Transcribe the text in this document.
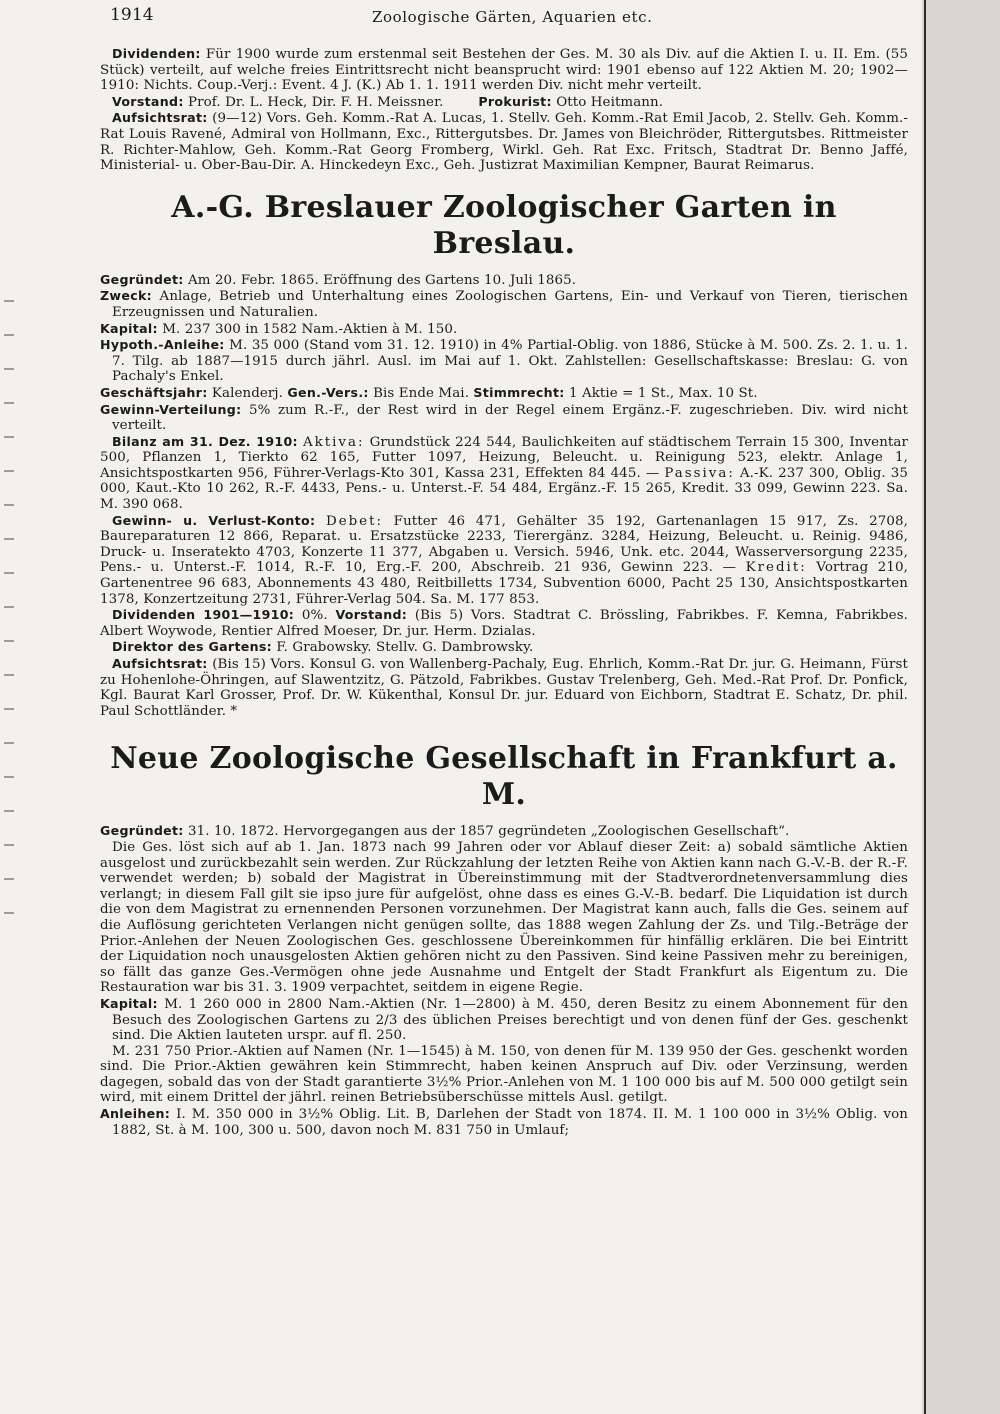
1914	Zoologische Gärten, Aquarien etc.

Dividenden: Für 1900 wurde zum erstenmal seit Bestehen der Ges. M. 30 als Div. auf die Aktien I. u. II. Em. (55 Stück) verteilt, auf welche freies Eintrittsrecht nicht beansprucht wird: 1901 ebenso auf 122 Aktien M. 20; 1902—1910: Nichts. Coup.-Verj.: Event. 4 J. (K.) Ab 1. 1. 1911 werden Div. nicht mehr verteilt.

Vorstand: Prof. Dr. L. Heck, Dir. F. H. Meissner.	Prokurist: Otto Heitmann.

Aufsichtsrat: (9—12) Vors. Geh. Komm.-Rat A. Lucas, 1. Stellv. Geh. Komm.-Rat Emil Jacob, 2. Stellv. Geh. Komm.-Rat Louis Ravené, Admiral von Hollmann, Exc., Rittergutsbes. Dr. James von Bleichröder, Rittergutsbes. Rittmeister R. Richter-Mahlow, Geh. Komm.-Rat Georg Fromberg, Wirkl. Geh. Rat Exc. Fritsch, Stadtrat Dr. Benno Jaffé, Ministerial- u. Ober-Bau-Dir. A. Hinckedeyn Exc., Geh. Justizrat Maximilian Kempner, Baurat Reimarus.

A.-G. Breslauer Zoologischer Garten in Breslau.

Gegründet: Am 20. Febr. 1865. Eröffnung des Gartens 10. Juli 1865.

Zweck: Anlage, Betrieb und Unterhaltung eines Zoologischen Gartens, Ein- und Verkauf von Tieren, tierischen Erzeugnissen und Naturalien.

Kapital: M. 237 300 in 1582 Nam.-Aktien à M. 150.

Hypoth.-Anleihe: M. 35 000 (Stand vom 31. 12. 1910) in 4% Partial-Oblig. von 1886, Stücke à M. 500. Zs. 2. 1. u. 1. 7. Tilg. ab 1887—1915 durch jährl. Ausl. im Mai auf 1. Okt. Zahlstellen: Gesellschaftskasse: Breslau: G. von Pachaly's Enkel.

Geschäftsjahr: Kalenderj. Gen.-Vers.: Bis Ende Mai. Stimmrecht: 1 Aktie = 1 St., Max. 10 St.

Gewinn-Verteilung: 5% zum R.-F., der Rest wird in der Regel einem Ergänz.-F. zugeschrieben. Div. wird nicht verteilt.

Bilanz am 31. Dez. 1910: Aktiva: Grundstück 224 544, Baulichkeiten auf städtischem Terrain 15 300, Inventar 500, Pflanzen 1, Tierkto 62 165, Futter 1097, Heizung, Beleucht. u. Reinigung 523, elektr. Anlage 1, Ansichtspostkarten 956, Führer-Verlags-Kto 301, Kassa 231, Effekten 84 445. — Passiva: A.-K. 237 300, Oblig. 35 000, Kaut.-Kto 10 262, R.-F. 4433, Pens.- u. Unterst.-F. 54 484, Ergänz.-F. 15 265, Kredit. 33 099, Gewinn 223. Sa. M. 390 068.

Gewinn- u. Verlust-Konto: Debet: Futter 46 471, Gehälter 35 192, Gartenanlagen 15 917, Zs. 2708, Baureparaturen 12 866, Reparat. u. Ersatzstücke 2233, Tierergänz. 3284, Heizung, Beleucht. u. Reinig. 9486, Druck- u. Inseratekto 4703, Konzerte 11 377, Abgaben u. Versich. 5946, Unk. etc. 2044, Wasserversorgung 2235, Pens.- u. Unterst.-F. 1014, R.-F. 10, Erg.-F. 200, Abschreib. 21 936, Gewinn 223. — Kredit: Vortrag 210, Gartenentree 96 683, Abonnements 43 480, Reitbilletts 1734, Subvention 6000, Pacht 25 130, Ansichtspostkarten 1378, Konzertzeitung 2731, Führer-Verlag 504. Sa. M. 177 853.

Dividenden 1901—1910: 0%. Vorstand: (Bis 5) Vors. Stadtrat C. Brössling, Fabrikbes. F. Kemna, Fabrikbes. Albert Woywode, Rentier Alfred Moeser, Dr. jur. Herm. Dzialas.

Direktor des Gartens: F. Grabowsky. Stellv. G. Dambrowsky.

Aufsichtsrat: (Bis 15) Vors. Konsul G. von Wallenberg-Pachaly, Eug. Ehrlich, Komm.-Rat Dr. jur. G. Heimann, Fürst zu Hohenlohe-Öhringen, auf Slawentzitz, G. Pätzold, Fabrikbes. Gustav Trelenberg, Geh. Med.-Rat Prof. Dr. Ponfick, Kgl. Baurat Karl Grosser, Prof. Dr. W. Kükenthal, Konsul Dr. jur. Eduard von Eichborn, Stadtrat E. Schatz, Dr. phil. Paul Schottländer. *

Neue Zoologische Gesellschaft in Frankfurt a. M.

Gegründet: 31. 10. 1872. Hervorgegangen aus der 1857 gegründeten „Zoologischen Gesellschaft“.

Die Ges. löst sich auf ab 1. Jan. 1873 nach 99 Jahren oder vor Ablauf dieser Zeit: a) sobald sämtliche Aktien ausgelost und zurückbezahlt sein werden. Zur Rückzahlung der letzten Reihe von Aktien kann nach G.-V.-B. der R.-F. verwendet werden; b) sobald der Magistrat in Übereinstimmung mit der Stadtverordnetenversammlung dies verlangt; in diesem Fall gilt sie ipso jure für aufgelöst, ohne dass es eines G.-V.-B. bedarf. Die Liquidation ist durch die von dem Magistrat zu ernennenden Personen vorzunehmen. Der Magistrat kann auch, falls die Ges. seinem auf die Auflösung gerichteten Verlangen nicht genügen sollte, das 1888 wegen Zahlung der Zs. und Tilg.-Beträge der Prior.-Anlehen der Neuen Zoologischen Ges. geschlossene Übereinkommen für hinfällig erklären. Die bei Eintritt der Liquidation noch unausgelosten Aktien gehören nicht zu den Passiven. Sind keine Passiven mehr zu bereinigen, so fällt das ganze Ges.-Vermögen ohne jede Ausnahme und Entgelt der Stadt Frankfurt als Eigentum zu. Die Restauration war bis 31. 3. 1909 verpachtet, seitdem in eigene Regie.

Kapital: M. 1 260 000 in 2800 Nam.-Aktien (Nr. 1—2800) à M. 450, deren Besitz zu einem Abonnement für den Besuch des Zoologischen Gartens zu 2/3 des üblichen Preises berechtigt und von denen fünf der Ges. geschenkt sind. Die Aktien lauteten urspr. auf fl. 250.

M. 231 750 Prior.-Aktien auf Namen (Nr. 1—1545) à M. 150, von denen für M. 139 950 der Ges. geschenkt worden sind. Die Prior.-Aktien gewähren kein Stimmrecht, haben keinen Anspruch auf Div. oder Verzinsung, werden dagegen, sobald das von der Stadt garantierte 3½% Prior.-Anlehen von M. 1 100 000 bis auf M. 500 000 getilgt sein wird, mit einem Drittel der jährl. reinen Betriebsüberschüsse mittels Ausl. getilgt.

Anleihen: I. M. 350 000 in 3½% Oblig. Lit. B, Darlehen der Stadt von 1874. II. M. 1 100 000 in 3½% Oblig. von 1882, St. à M. 100, 300 u. 500, davon noch M. 831 750 in Umlauf;
